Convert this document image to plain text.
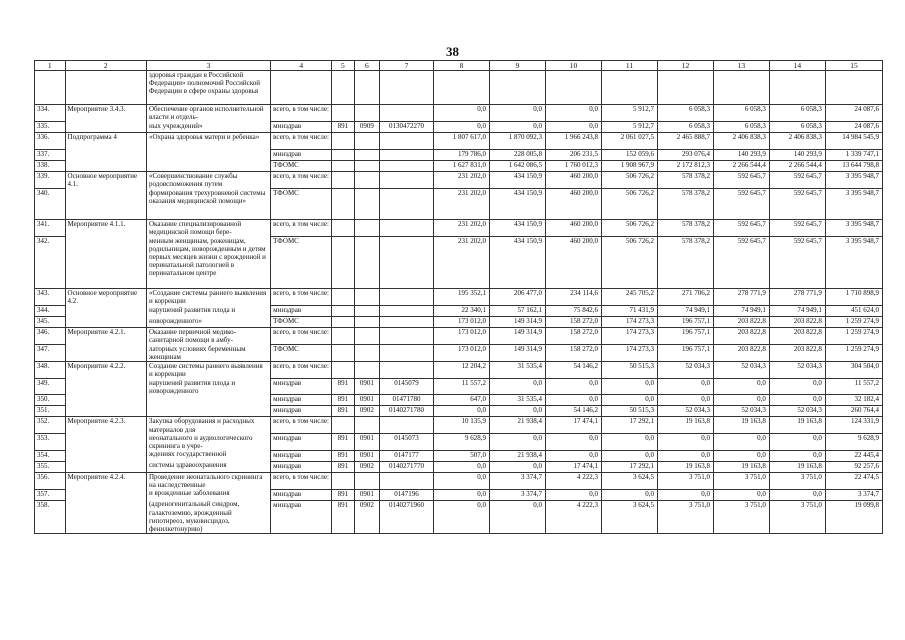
38
1	2	3	4	5	6	7	8	9	10	11	12	13	14	15
		здоровья граждан в Российской Федерации» полномочий Российской Федерации в сфере охраны здоровья												
334.	Мероприятие 3.4.3.	Обеспечение органов исполнительной власти и отдель-	всего, в том числе:				0,0	0,0	0,0	5 912,7	6 058,3	6 058,3	6 058,3	24 087,6
335.		ных учреждений»	минздрав	891	0909	0130472270	0,0	0,0	0,0	5 912,7	6 058,3	6 058,3	6 058,3	24 087,6
336.	Подпрограмма 4	«Охрана здоровья матери и ребенка»	всего, в том числе:				1 807 617,0	1 870 092,3	1 966 243,8	2 061 027,5	2 465 888,7	2 406 838,3	2 406 838,3	14 984 545,9
337.			минздрав				179 786,0	228 005,8	206 231,5	152 059,6	293 076,4	140 293,9	140 293,9	1 339 747,1
338.			ТФОМС				1 627 831,0	1 642 086,5	1 760 012,3	1 908 967,9	2 172 812,3	2 266 544,4	2 266 544,4	13 644 798,8
339.	Основное мероприятие 4.1.	«Совершенствование службы родовспоможения путем	всего, в том числе:				231 202,0	434 150,9	460 200,0	506 726,2	578 378,2	592 645,7	592 645,7	3 395 948,7
340.		формирования трехуровневой системы оказания медицинской помощи»	ТФОМС				231 202,0	434 150,9	460 200,0	506 726,2	578 378,2	592 645,7	592 645,7	3 395 948,7
341.	Мероприятие 4.1.1.	Оказание специализированной медицинской помощи бере-	всего, в том числе:				231 202,0	434 150,9	460 200,0	506 726,2	578 378,2	592 645,7	592 645,7	3 395 948,7
342.		менным женщинам, роженицам, родильницам, новорожденным и детям первых месяцев жизни с врожденной и перинатальной патологией в перинатальном центре	ТФОМС				231 202,0	434 150,9	460 200,0	506 726,2	578 378,2	592 645,7	592 645,7	3 395 948,7
343.	Основное мероприятие 4.2.	«Создание системы раннего выявления и коррекции	всего, в том числе:				195 352,1	206 477,0	234 114,6	245 705,2	271 706,2	278 771,9	278 771,9	1 710 898,9
344.		нарушений развития плода и	минздрав				22 340,1	57 162,1	75 842,6	71 431,9	74 949,1	74 949,1	74 949,1	451 624,0
345.		новорожденного»	ТФОМС				173 012,0	149 314,9	158 272,0	174 273,3	196 757,1	203 822,8	203 822,8	1 259 274,9
346.	Мероприятие 4.2.1.	Оказание первичной медико-санитарной помощи в амбу-	всего, в том числе:				173 012,0	149 314,9	158 272,0	174 273,3	196 757,1	203 822,8	203 822,8	1 259 274,9
347.		латорных условиях беременным женщинам	ТФОМС				173 012,0	149 314,9	158 272,0	174 273,3	196 757,1	203 822,8	203 822,8	1 259 274,9
348.	Мероприятие 4.2.2.	Создание системы раннего выявления и коррекции	всего, в том числе:				12 204,2	31 535,4	54 146,2	50 515,3	52 034,3	52 034,3	52 034,3	304 504,0
349.		нарушений развития плода и новорожденного	минздрав	891	0901	0145079	11 557,2	0,0	0,0	0,0	0,0	0,0	0,0	11 557,2
350.			минздрав	891	0901	01471780	647,0	31 535,4	0,0	0,0	0,0	0,0	0,0	32 182,4
351.			минздрав	891	0902	0140271780	0,0	0,0	54 146,2	50 515,3	52 034,3	52 034,3	52 034,3	260 764,4
352.	Мероприятие 4.2.3.	Закупка оборудования и расходных материалов для	всего, в том числе:				10 135,9	21 938,4	17 474,1	17 292,1	19 163,8	19 163,8	19 163,8	124 331,9
353.		неонатального и аудиологического скрининга в учре-	минздрав	891	0901	0145073	9 628,9	0,0	0,0	0,0	0,0	0,0	0,0	9 628,9
354.		ждениях государственной	минздрав	891	0901	0147177	507,0	21 938,4	0,0	0,0	0,0	0,0	0,0	22 445,4
355.		системы здравоохранения	минздрав	891	0902	0140271770	0,0	0,0	17 474,1	17 292,1	19 163,8	19 163,8	19 163,8	92 257,6
356.	Мероприятие 4.2.4.	Проведение неонатального скрининга на наследственные	всего, в том числе:				0,0	3 374,7	4 222,3	3 624,5	3 751,0	3 751,0	3 751,0	22 474,5
357.		и врожденные заболевания	минздрав	891	0901	0147196	0,0	3 374,7	0,0	0,0	0,0	0,0	0,0	3 374,7
358.		(адреногенитальный синдром, галактоземию, врожденный гипотиреоз, муковисцидоз, фенилкетонурию)	минздрав	891	0902	0140271960	0,0	0,0	4 222,3	3 624,5	3 751,0	3 751,0	3 751,0	19 099,8
